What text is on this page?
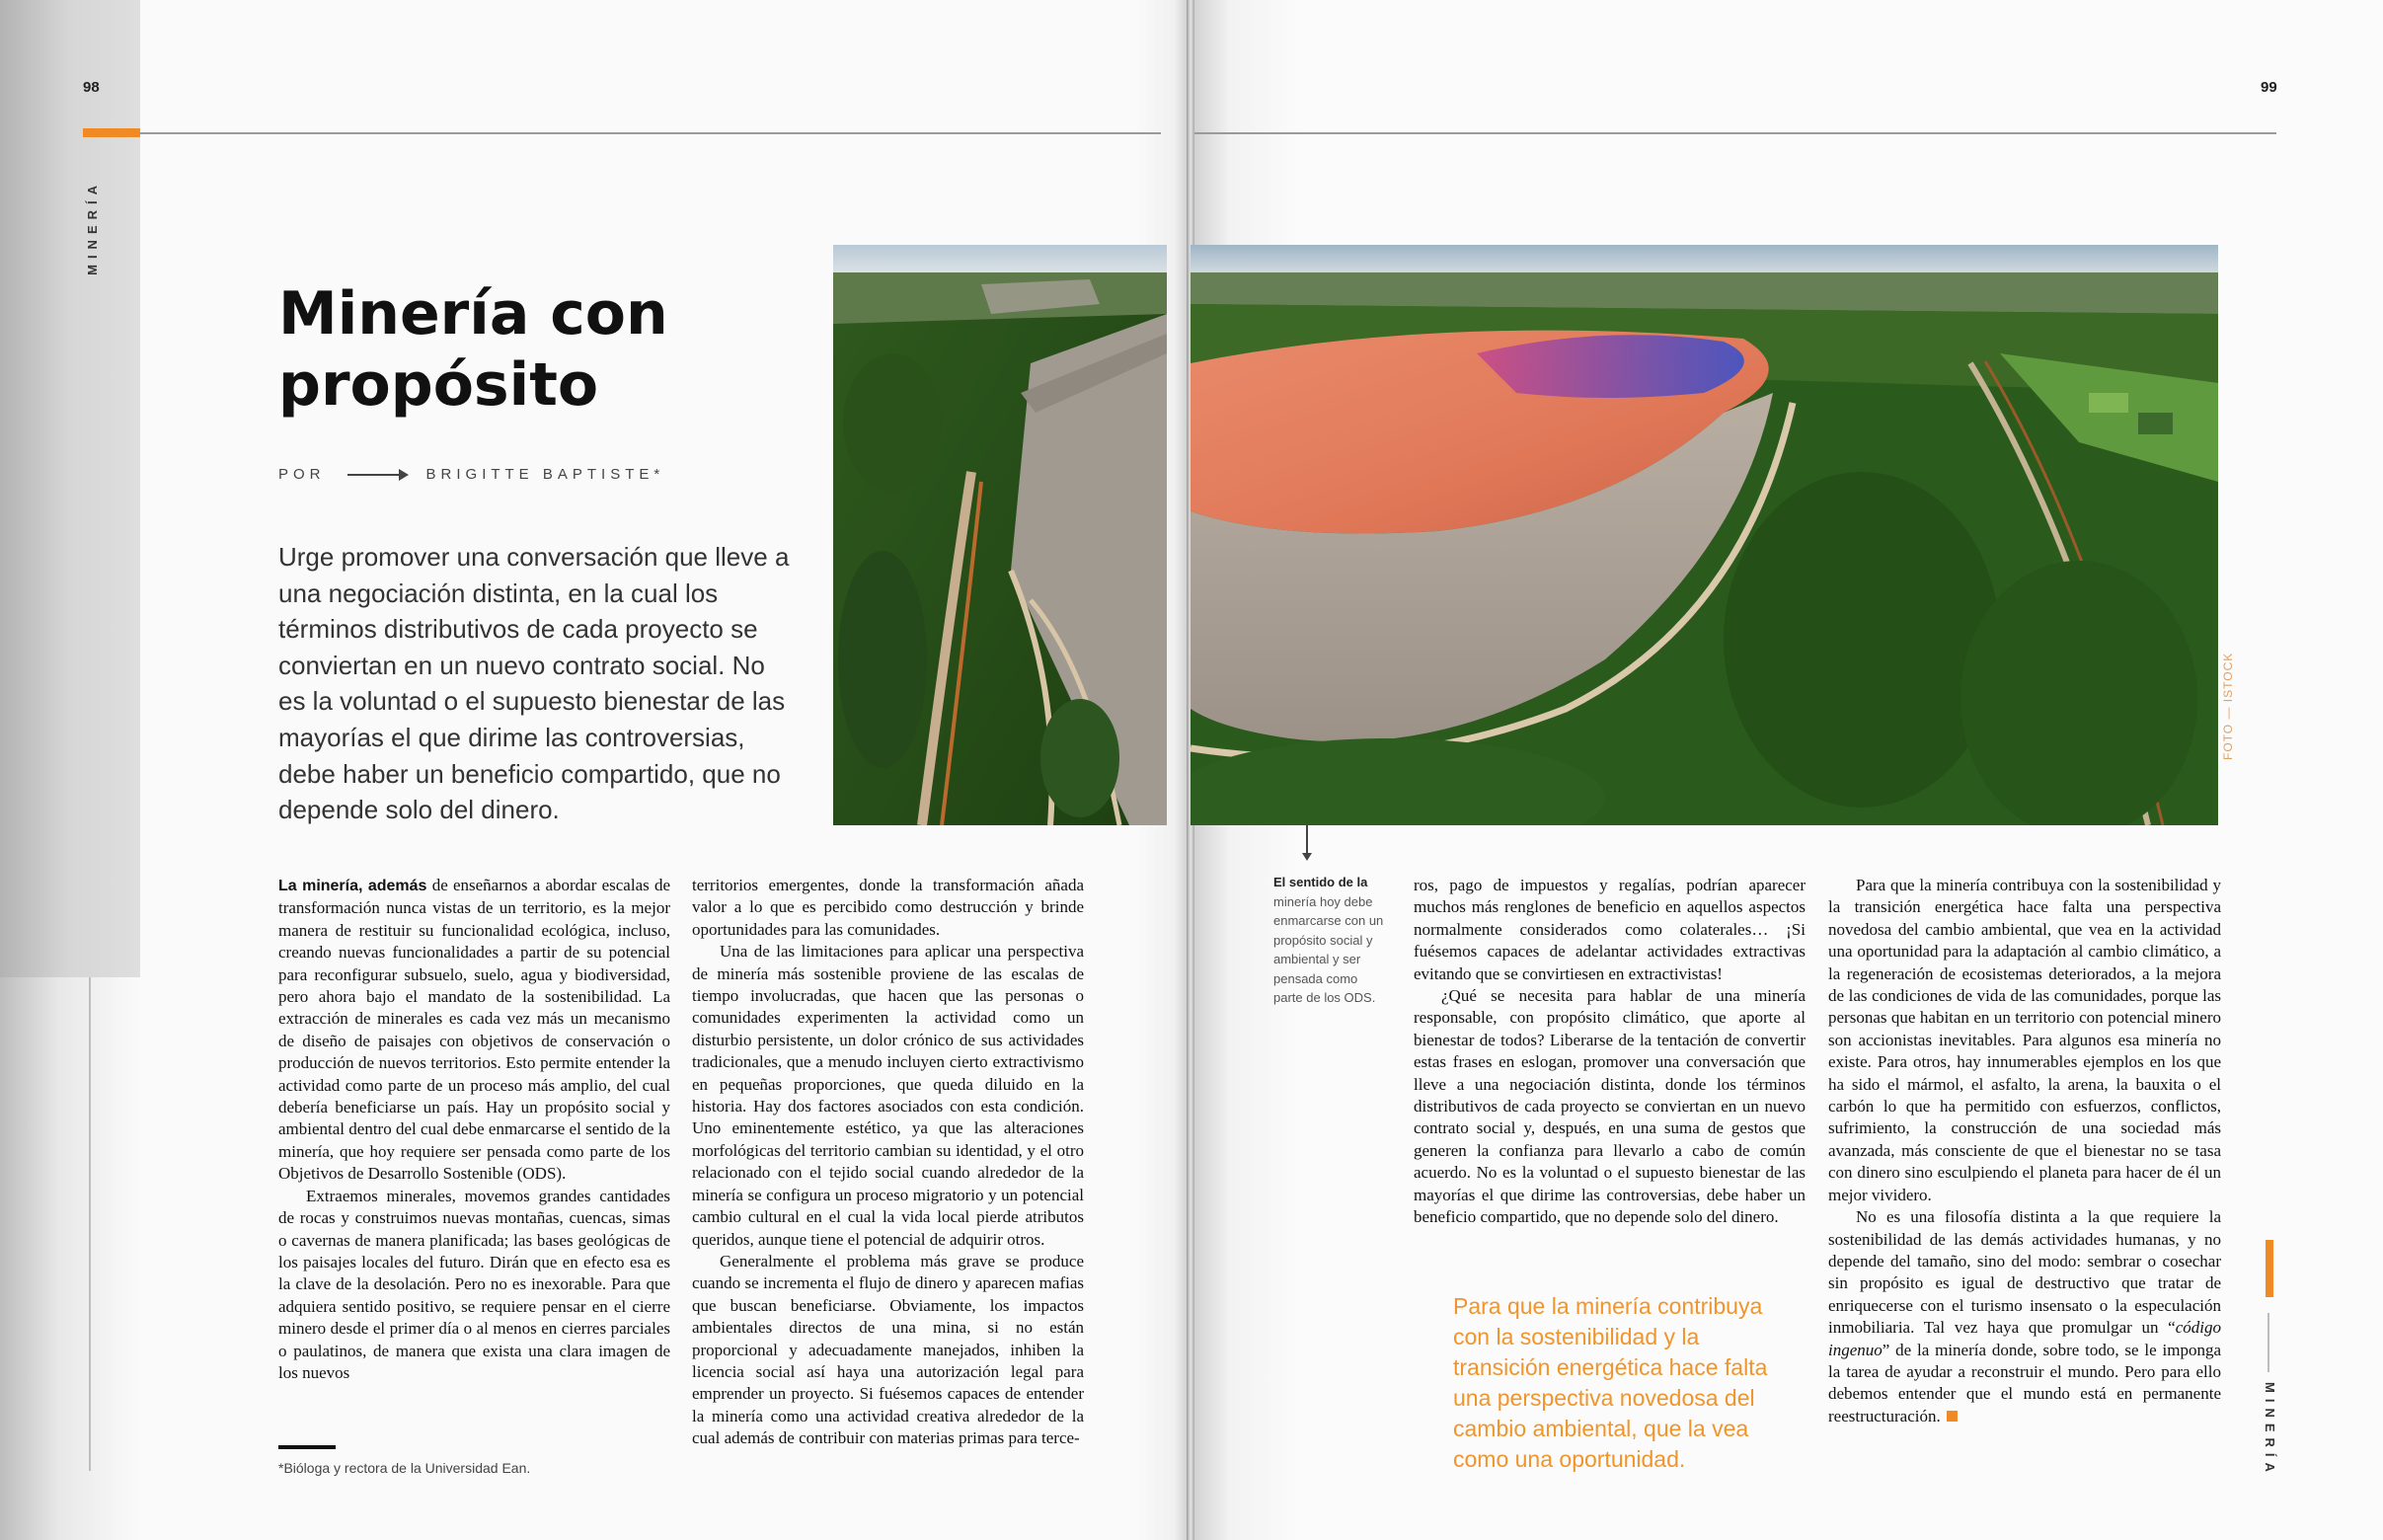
98
MINERÍA
Minería con propósito
POR	BRIGITTE BAPTISTE*

Urge promover una conversación que lleve a una negociación distinta, en la cual los términos distributivos de cada proyecto se conviertan en un nuevo contrato social. No es la voluntad o el supuesto bienestar de las mayorías el que dirime las controversias, debe haber un beneficio compartido, que no depende solo del dinero.

La minería, además de enseñarnos a abordar escalas de transformación nunca vistas de un territorio, es la mejor manera de restituir su funcionalidad ecológica, incluso, creando nuevas funcionalidades a partir de su potencial para reconfigurar subsuelo, suelo, agua y biodiversidad, pero ahora bajo el mandato de la sostenibilidad. La extracción de minerales es cada vez más un mecanismo de diseño de paisajes con objetivos de conservación o producción de nuevos territorios. Esto permite entender la actividad como parte de un proceso más amplio, del cual debería beneficiarse un país. Hay un propósito social y ambiental dentro del cual debe enmarcarse el sentido de la minería, que hoy requiere ser pensada como parte de los Objetivos de Desarrollo Sostenible (ODS).

Extraemos minerales, movemos grandes cantidades de rocas y construimos nuevas montañas, cuencas, simas o cavernas de manera planificada; las bases geológicas de los paisajes locales del futuro. Dirán que en efecto esa es la clave de la desolación. Pero no es inexorable. Para que adquiera sentido positivo, se requiere pensar en el cierre minero desde el primer día o al menos en cierres parciales o paulatinos, de manera que exista una clara imagen de los nuevos

territorios emergentes, donde la transformación añada valor a lo que es percibido como destrucción y brinde oportunidades para las comunidades.

Una de las limitaciones para aplicar una perspectiva de minería más sostenible proviene de las escalas de tiempo involucradas, que hacen que las personas o comunidades experimenten la actividad como un disturbio persistente, un dolor crónico de sus actividades tradicionales, que a menudo incluyen cierto extractivismo en pequeñas proporciones, que queda diluido en la historia. Hay dos factores asociados con esta condición. Uno eminentemente estético, ya que las alteraciones morfológicas del territorio cambian su identidad, y el otro relacionado con el tejido social cuando alrededor de la minería se configura un proceso migratorio y un potencial cambio cultural en el cual la vida local pierde atributos queridos, aunque tiene el potencial de adquirir otros.

Generalmente el problema más grave se produce cuando se incrementa el flujo de dinero y aparecen mafias que buscan beneficiarse. Obviamente, los impactos ambientales directos de una mina, si no están proporcional y adecuadamente manejados, inhiben la licencia social así haya una autorización legal para emprender un proyecto. Si fuésemos capaces de entender la minería como una actividad creativa alrededor de la cual además de contribuir con materias primas para terce-

*Bióloga y rectora de la Universidad Ean.
99
MINERÍA

El sentido de la minería hoy debe enmarcarse con un propósito social y ambiental y ser pensada como parte de los ODS.

FOTO — ISTOCK

ros, pago de impuestos y regalías, podrían aparecer muchos más renglones de beneficio en aquellos aspectos normalmente considerados como colaterales… ¡Si fuésemos capaces de adelantar actividades extractivas evitando que se convirtiesen en extractivistas!

¿Qué se necesita para hablar de una minería responsable, con propósito climático, que aporte al bienestar de todos? Liberarse de la tentación de convertir estas frases en eslogan, promover una conversación que lleve a una negociación distinta, donde los términos distributivos de cada proyecto se conviertan en un nuevo contrato social y, después, en una suma de gestos que generen la confianza para llevarlo a cabo de común acuerdo. No es la voluntad o el supuesto bienestar de las mayorías el que dirime las controversias, debe haber un beneficio compartido, que no depende solo del dinero.

Para que la minería contribuya con la sostenibilidad y la transición energética hace falta una perspectiva novedosa del cambio ambiental, que la vea como una oportunidad.

Para que la minería contribuya con la sostenibilidad y la transición energética hace falta una perspectiva novedosa del cambio ambiental, que vea en la actividad una oportunidad para la adaptación al cambio climático, a la regeneración de ecosistemas deteriorados, a la mejora de las condiciones de vida de las comunidades, porque las personas que habitan en un territorio con potencial minero son accionistas inevitables. Para algunos esa minería no existe. Para otros, hay innumerables ejemplos en los que ha sido el mármol, el asfalto, la arena, la bauxita o el carbón lo que ha permitido con esfuerzos, conflictos, sufrimiento, la construcción de una sociedad más avanzada, más consciente de que el bienestar no se tasa con dinero sino esculpiendo el planeta para hacer de él un mejor vividero.

No es una filosofía distinta a la que requiere la sostenibilidad de las demás actividades humanas, y no depende del tamaño, sino del modo: sembrar o cosechar sin propósito es igual de destructivo que tratar de enriquecerse con el turismo insensato o la especulación inmobiliaria. Tal vez haya que promulgar un “código ingenuo” de la minería donde, sobre todo, se le imponga la tarea de ayudar a reconstruir el mundo. Pero para ello debemos entender que el mundo está en permanente reestructuración.
